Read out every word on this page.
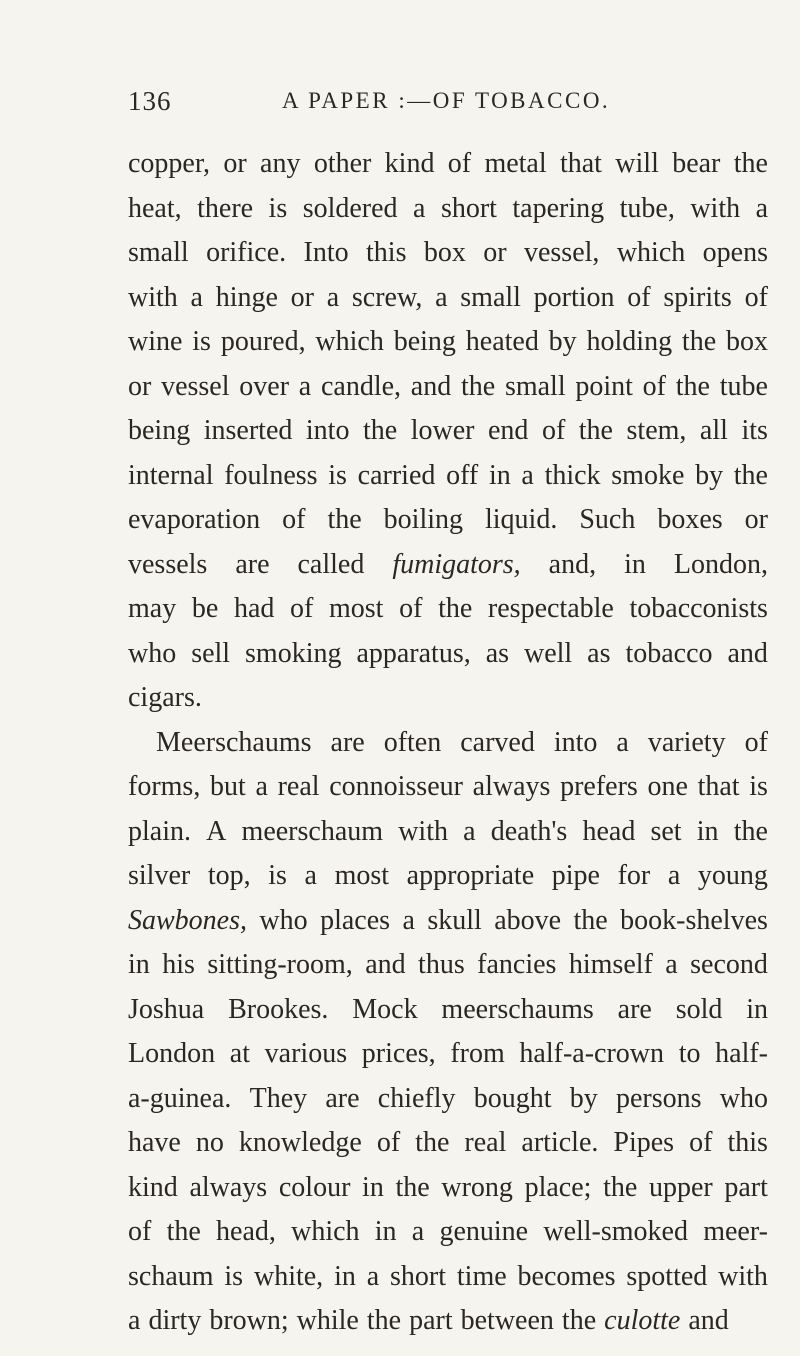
136	A PAPER :—OF TOBACCO.
copper, or any other kind of metal that will bear the
heat, there is soldered a short tapering tube, with a
small orifice. Into this box or vessel, which opens
with a hinge or a screw, a small portion of spirits of
wine is poured, which being heated by holding the box
or vessel over a candle, and the small point of the tube
being inserted into the lower end of the stem, all its
internal foulness is carried off in a thick smoke by the
evaporation of the boiling liquid. Such boxes or
vessels are called fumigators, and, in London,
may be had of most of the respectable tobacconists
who sell smoking apparatus, as well as tobacco and
cigars.
Meerschaums are often carved into a variety of
forms, but a real connoisseur always prefers one that is
plain. A meerschaum with a death's head set in the
silver top, is a most appropriate pipe for a young
Sawbones, who places a skull above the book-shelves
in his sitting-room, and thus fancies himself a second
Joshua Brookes. Mock meerschaums are sold in
London at various prices, from half-a-crown to half-
a-guinea. They are chiefly bought by persons who
have no knowledge of the real article. Pipes of this
kind always colour in the wrong place; the upper part
of the head, which in a genuine well-smoked meer-
schaum is white, in a short time becomes spotted with
a dirty brown; while the part between the culotte and
